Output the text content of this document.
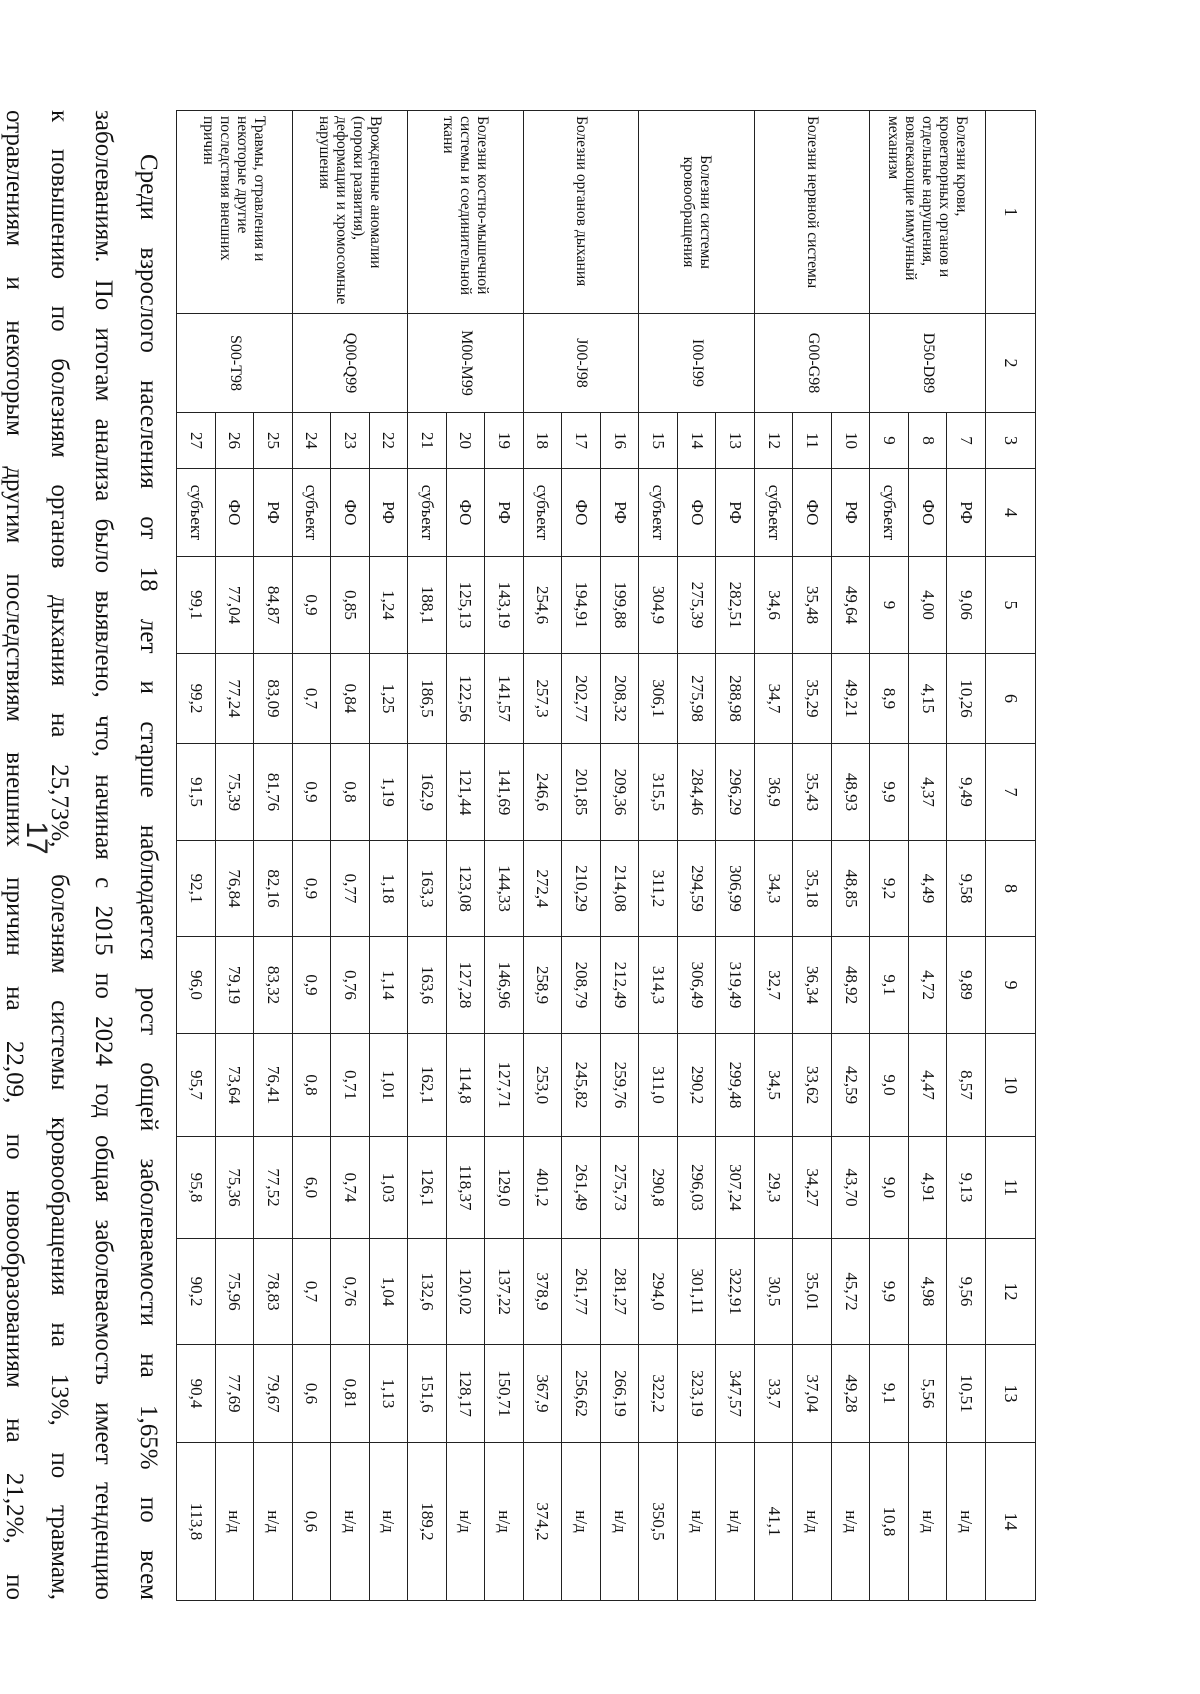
17
1	2	3	4	5	6	7	8	9	10	11	12	13	14
Болезни крови, кроветворных органов и отдельные нарушения, вовлекающие иммунный механизм	D50-D89	7	РФ	9,06	10,26	9,49	9,58	9,89	8,57	9,13	9,56	10,51	н/д
		8	ФО	4,00	4,15	4,37	4,49	4,72	4,47	4,91	4,98	5,56	н/д
		9	субъект	9	8,9	9,9	9,2	9,1	9,0	9,0	9,9	9,1	10,8
Болезни нервной системы	G00-G98	10	РФ	49,64	49,21	48,93	48,85	48,92	42,59	43,70	45,72	49,28	н/д
		11	ФО	35,48	35,29	35,43	35,18	36,34	33,62	34,27	35,01	37,04	н/д
		12	субъект	34,6	34,7	36,9	34,3	32,7	34,5	29,3	30,5	33,7	41,1
Болезни системы кровообращения	I00-I99	13	РФ	282,51	288,98	296,29	306,99	319,49	299,48	307,24	322,91	347,57	н/д
		14	ФО	275,39	275,98	284,46	294,59	306,49	290,2	296,03	301,11	323,19	н/д
		15	субъект	304,9	306,1	315,5	311,2	314,3	311,0	290,8	294,0	322,2	350,5
Болезни органов дыхания	J00-J98	16	РФ	199,88	208,32	209,36	214,08	212,49	259,76	275,73	281,27	266,19	н/д
		17	ФО	194,91	202,77	201,85	210,29	208,79	245,82	261,49	261,77	256,62	н/д
		18	субъект	254,6	257,3	246,6	272,4	258,9	253,0	401,2	378,9	367,9	374,2
Болезни костно-мышечной системы и соединительной ткани	M00-M99	19	РФ	143,19	141,57	141,69	144,33	146,96	127,71	129,0	137,22	150,71	н/д
		20	ФО	125,13	122,56	121,44	123,08	127,28	114,8	118,37	120,02	128,17	н/д
		21	субъект	188,1	186,5	162,9	163,3	163,6	162,1	126,1	132,6	151,6	189,2
Врожденные аномалии (пороки развития), деформации и хромосомные нарушения	Q00-Q99	22	РФ	1,24	1,25	1,19	1,18	1,14	1,01	1,03	1,04	1,13	н/д
		23	ФО	0,85	0,84	0,8	0,77	0,76	0,71	0,74	0,76	0,81	н/д
		24	субъект	0,9	0,7	0,9	0,9	0,9	0,8	6,0	0,7	0,6	0,6
Травмы, отравления и некоторые другие последствия внешних причин	S00-T98	25	РФ	84,87	83,09	81,76	82,16	83,32	76,41	77,52	78,83	79,67	н/д
		26	ФО	77,04	77,24	75,39	76,84	79,19	73,64	75,36	75,96	77,69	н/д
		27	субъект	99,1	99,2	91,5	92,1	96,0	95,7	95,8	90,2	90,4	113,8
Среди взрослого населения от 18 лет и старше наблюдается рост общей заболеваемости на 1,65% по всем
заболеваниям. По итогам анализа было выявлено, что, начиная с 2015 по 2024 год общая заболеваемость имеет тенденцию
к повышению по болезням органов дыхания на 25,73%, болезням системы кровообращения на 13%, по травмам,
отравлениям и некоторым другим последствиям внешних причин на 22,09, по новообразованиям на 21,2%, по
